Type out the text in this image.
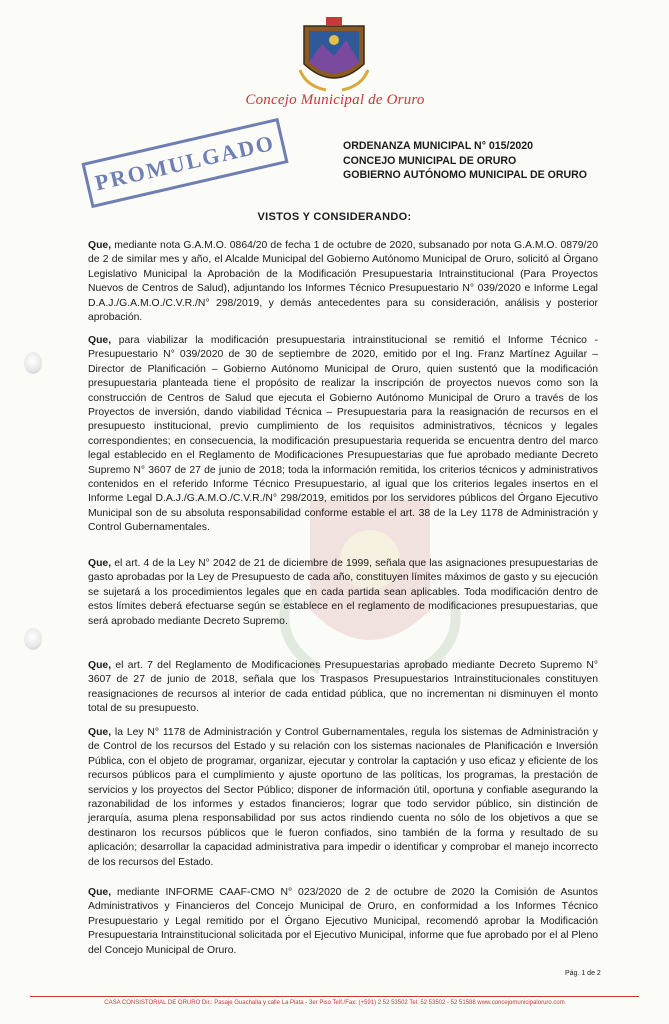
Concejo Municipal de Oruro
PROMULGADO	ORDENANZA MUNICIPAL N° 015/2020
CONCEJO MUNICIPAL DE ORURO
GOBIERNO AUTÓNOMO MUNICIPAL DE ORURO
VISTOS Y CONSIDERANDO:
Que, mediante nota G.A.M.O. 0864/20 de fecha 1 de octubre de 2020, subsanado por nota G.A.M.O. 0879/20 de 2 de similar mes y año, el Alcalde Municipal del Gobierno Autónomo Municipal de Oruro, solicitó al Órgano Legislativo Municipal la Aprobación de la Modificación Presupuestaria Intrainstitucional (Para Proyectos Nuevos de Centros de Salud), adjuntando los Informes Técnico Presupuestario N° 039/2020 e Informe Legal D.A.J./G.A.M.O./C.V.R./N° 298/2019, y demás antecedentes para su consideración, análisis y posterior aprobación.
Que, para viabilizar la modificación presupuestaria intrainstitucional se remitió el Informe Técnico - Presupuestario N° 039/2020 de 30 de septiembre de 2020, emitido por el Ing. Franz Martínez Aguilar – Director de Planificación – Gobierno Autónomo Municipal de Oruro, quien sustentó que la modificación presupuestaria planteada tiene el propósito de realizar la inscripción de proyectos nuevos como son la construcción de Centros de Salud que ejecuta el Gobierno Autónomo Municipal de Oruro a través de los Proyectos de inversión, dando viabilidad Técnica – Presupuestaria para la reasignación de recursos en el presupuesto institucional, previo cumplimiento de los requisitos administrativos, técnicos y legales correspondientes; en consecuencia, la modificación presupuestaria requerida se encuentra dentro del marco legal establecido en el Reglamento de Modificaciones Presupuestarias que fue aprobado mediante Decreto Supremo N° 3607 de 27 de junio de 2018; toda la información remitida, los criterios técnicos y administrativos contenidos en el referido Informe Técnico Presupuestario, al igual que los criterios legales insertos en el Informe Legal D.A.J./G.A.M.O./C.V.R./N° 298/2019, emitidos por los servidores públicos del Órgano Ejecutivo Municipal son de su absoluta responsabilidad conforme estable el art. 38 de la Ley 1178 de Administración y Control Gubernamentales.
Que, el art. 4 de la Ley N° 2042 de 21 de diciembre de 1999, señala que las asignaciones presupuestarias de gasto aprobadas por la Ley de Presupuesto de cada año, constituyen límites máximos de gasto y su ejecución se sujetará a los procedimientos legales que en cada partida sean aplicables. Toda modificación dentro de estos límites deberá efectuarse según se establece en el reglamento de modificaciones presupuestarias, que será aprobado mediante Decreto Supremo.
Que, el art. 7 del Reglamento de Modificaciones Presupuestarias aprobado mediante Decreto Supremo N° 3607 de 27 de junio de 2018, señala que los Traspasos Presupuestarios Intrainstitucionales constituyen reasignaciones de recursos al interior de cada entidad pública, que no incrementan ni disminuyen el monto total de su presupuesto.
Que, la Ley N° 1178 de Administración y Control Gubernamentales, regula los sistemas de Administración y de Control de los recursos del Estado y su relación con los sistemas nacionales de Planificación e Inversión Pública, con el objeto de programar, organizar, ejecutar y controlar la captación y uso eficaz y eficiente de los recursos públicos para el cumplimiento y ajuste oportuno de las políticas, los programas, la prestación de servicios y los proyectos del Sector Público; disponer de información útil, oportuna y confiable asegurando la razonabilidad de los informes y estados financieros; lograr que todo servidor público, sin distinción de jerarquía, asuma plena responsabilidad por sus actos rindiendo cuenta no sólo de los objetivos a que se destinaron los recursos públicos que le fueron confiados, sino también de la forma y resultado de su aplicación; desarrollar la capacidad administrativa para impedir o identificar y comprobar el manejo incorrecto de los recursos del Estado.
Que, mediante INFORME CAAF-CMO N° 023/2020 de 2 de octubre de 2020 la Comisión de Asuntos Administrativos y Financieros del Concejo Municipal de Oruro, en conformidad a los Informes Técnico Presupuestario y Legal remitido por el Órgano Ejecutivo Municipal, recomendó aprobar la Modificación Presupuestaria Intrainstitucional solicitada por el Ejecutivo Municipal, informe que fue aprobado por el al Pleno del Concejo Municipal de Oruro.
Pág. 1 de 2
CASA CONSISTORIAL DE ORURO Dir.: Pasaje Guachalla y calle La Plata - 3er Piso Telf./Fax: (+591) 2 52 53502 Tel: 52 53502 - 52 51588 www.concejomunicipaloruro.com
